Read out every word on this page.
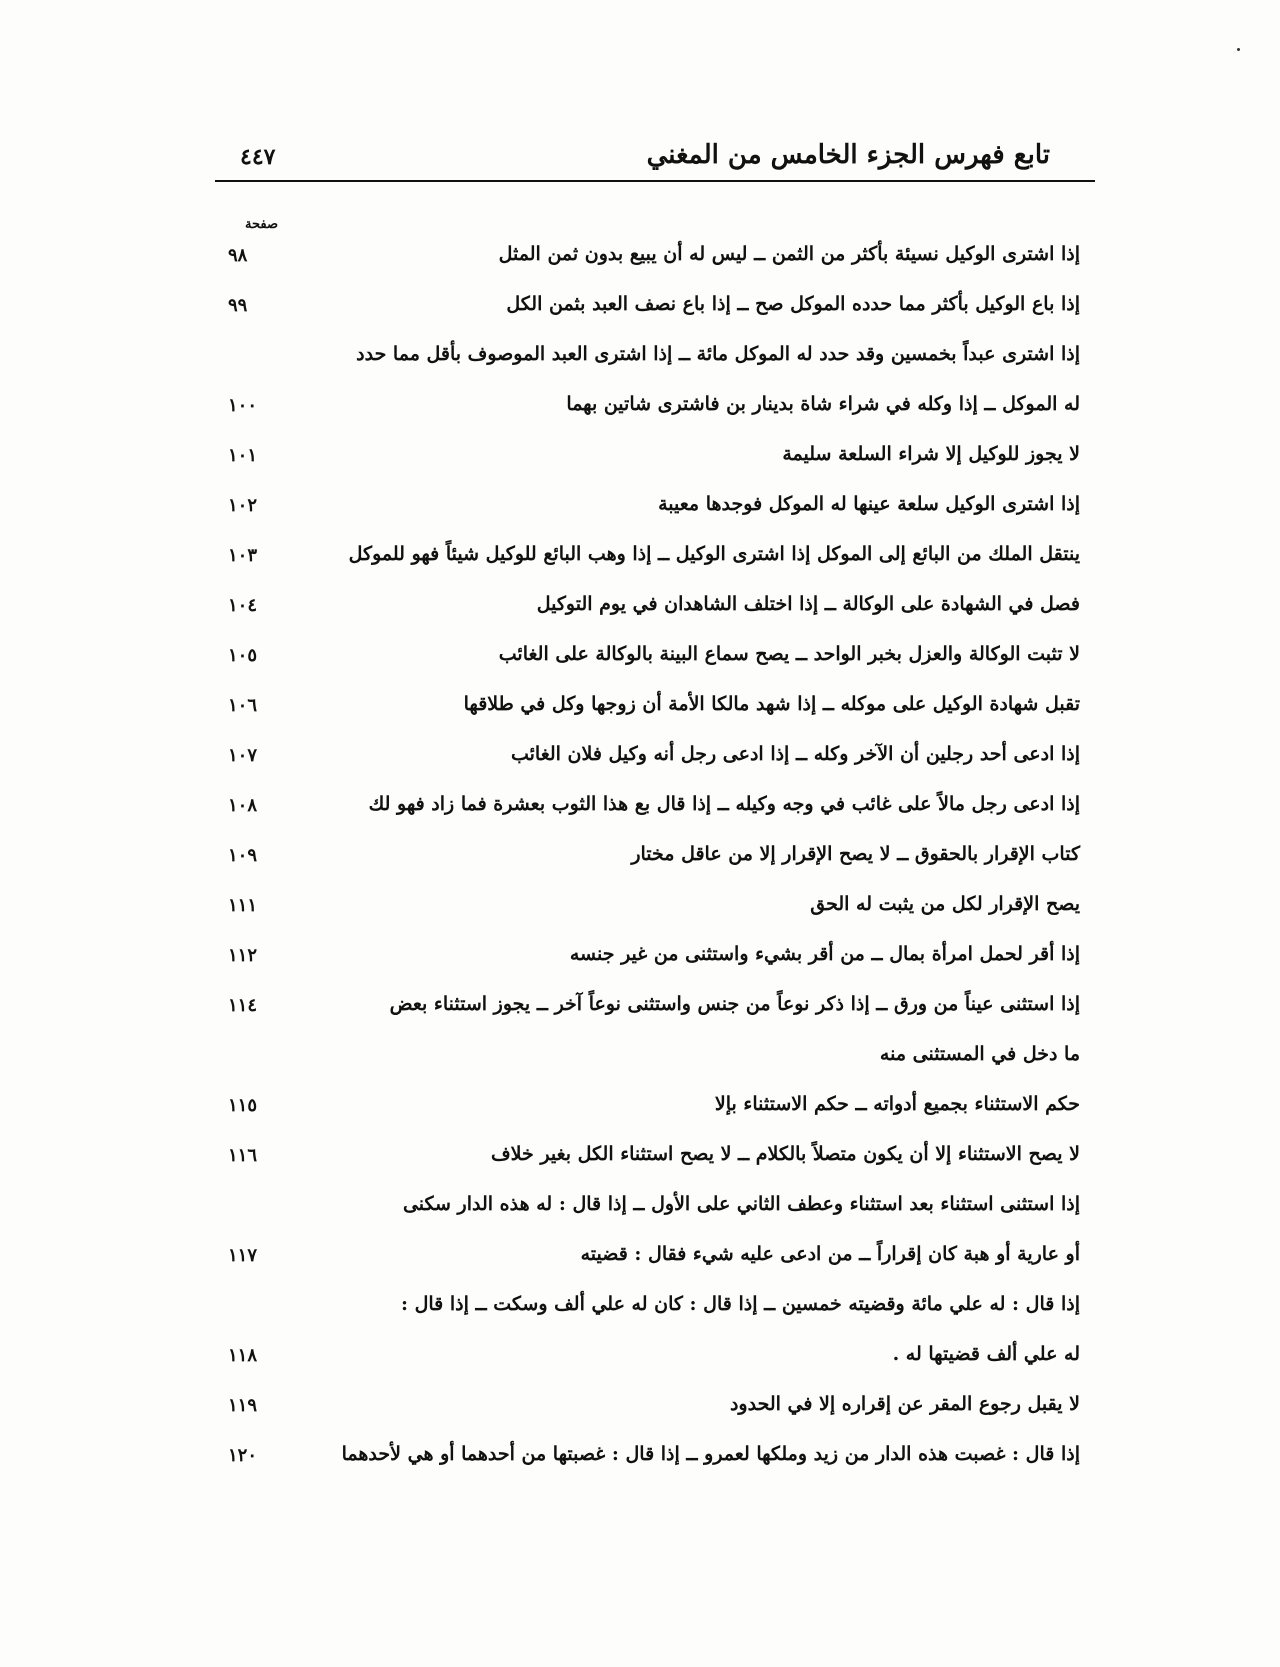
تابع فهرس الجزء الخامس من المغني
٤٤٧
صفحة
إذا اشترى الوكيل نسيئة بأكثر من الثمن ــ ليس له أن يبيع بدون ثمن المثل
٩٨
إذا باع الوكيل بأكثر مما حدده الموكل صح ــ إذا باع نصف العبد بثمن الكل
٩٩
إذا اشترى عبداً بخمسين وقد حدد له الموكل مائة ــ إذا اشترى العبد الموصوف بأقل مما حدد
له الموكل ــ إذا وكله في شراء شاة بدينار بن فاشترى شاتين بهما
١٠٠
لا يجوز للوكيل إلا شراء السلعة سليمة
١٠١
إذا اشترى الوكيل سلعة عينها له الموكل فوجدها معيبة
١٠٢
ينتقل الملك من البائع إلى الموكل إذا اشترى الوكيل ــ إذا وهب البائع للوكيل شيئاً فهو للموكل
١٠٣
فصل في الشهادة على الوكالة ــ إذا اختلف الشاهدان في يوم التوكيل
١٠٤
لا تثبت الوكالة والعزل بخبر الواحد ــ يصح سماع البينة بالوكالة على الغائب
١٠٥
تقبل شهادة الوكيل على موكله ــ إذا شهد مالكا الأمة أن زوجها وكل في طلاقها
١٠٦
إذا ادعى أحد رجلين أن الآخر وكله ــ إذا ادعى رجل أنه وكيل فلان الغائب
١٠٧
إذا ادعى رجل مالاً على غائب في وجه وكيله ــ إذا قال بع هذا الثوب بعشرة فما زاد فهو لك
١٠٨
كتاب الإقرار بالحقوق ــ لا يصح الإقرار إلا من عاقل مختار
١٠٩
يصح الإقرار لكل من يثبت له الحق
١١١
إذا أقر لحمل امرأة بمال ــ من أقر بشيء واستثنى من غير جنسه
١١٢
إذا استثنى عيناً من ورق ــ إذا ذكر نوعاً من جنس واستثنى نوعاً آخر ــ يجوز استثناء بعض
١١٤
ما دخل في المستثنى منه
حكم الاستثناء بجميع أدواته ــ حكم الاستثناء بإلا
١١٥
لا يصح الاستثناء إلا أن يكون متصلاً بالكلام ــ لا يصح استثناء الكل بغير خلاف
١١٦
إذا استثنى استثناء بعد استثناء وعطف الثاني على الأول ــ إذا قال : له هذه الدار سكنى
أو عارية أو هبة كان إقراراً ــ من ادعى عليه شيء فقال : قضيته
١١٧
إذا قال : له علي مائة وقضيته خمسين ــ إذا قال : كان له علي ألف وسكت ــ إذا قال :
له علي ألف قضيتها له .
١١٨
لا يقبل رجوع المقر عن إقراره إلا في الحدود
١١٩
إذا قال : غصبت هذه الدار من زيد وملكها لعمرو ــ إذا قال : غصبتها من أحدهما أو هي لأحدهما
١٢٠
